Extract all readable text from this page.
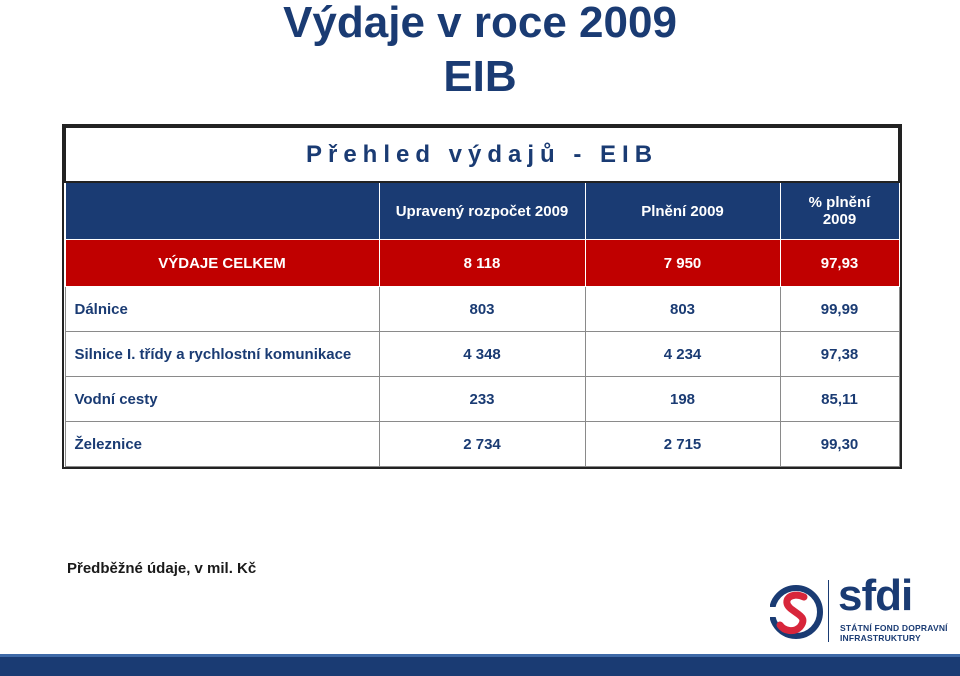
Výdaje v roce 2009
EIB
Přehled výdajů - EIB			
	Upravený rozpočet 2009	Plnění 2009	% plnění 2009
VÝDAJE CELKEM	8 118	7 950	97,93
Dálnice	803	803	99,99
Silnice I. třídy a rychlostní komunikace	4 348	4 234	97,38
Vodní cesty	233	198	85,11
Železnice	2 734	2 715	99,30
Předběžné údaje, v mil. Kč
sfdi
STÁTNÍ FOND DOPRAVNÍ
INFRASTRUKTURY
